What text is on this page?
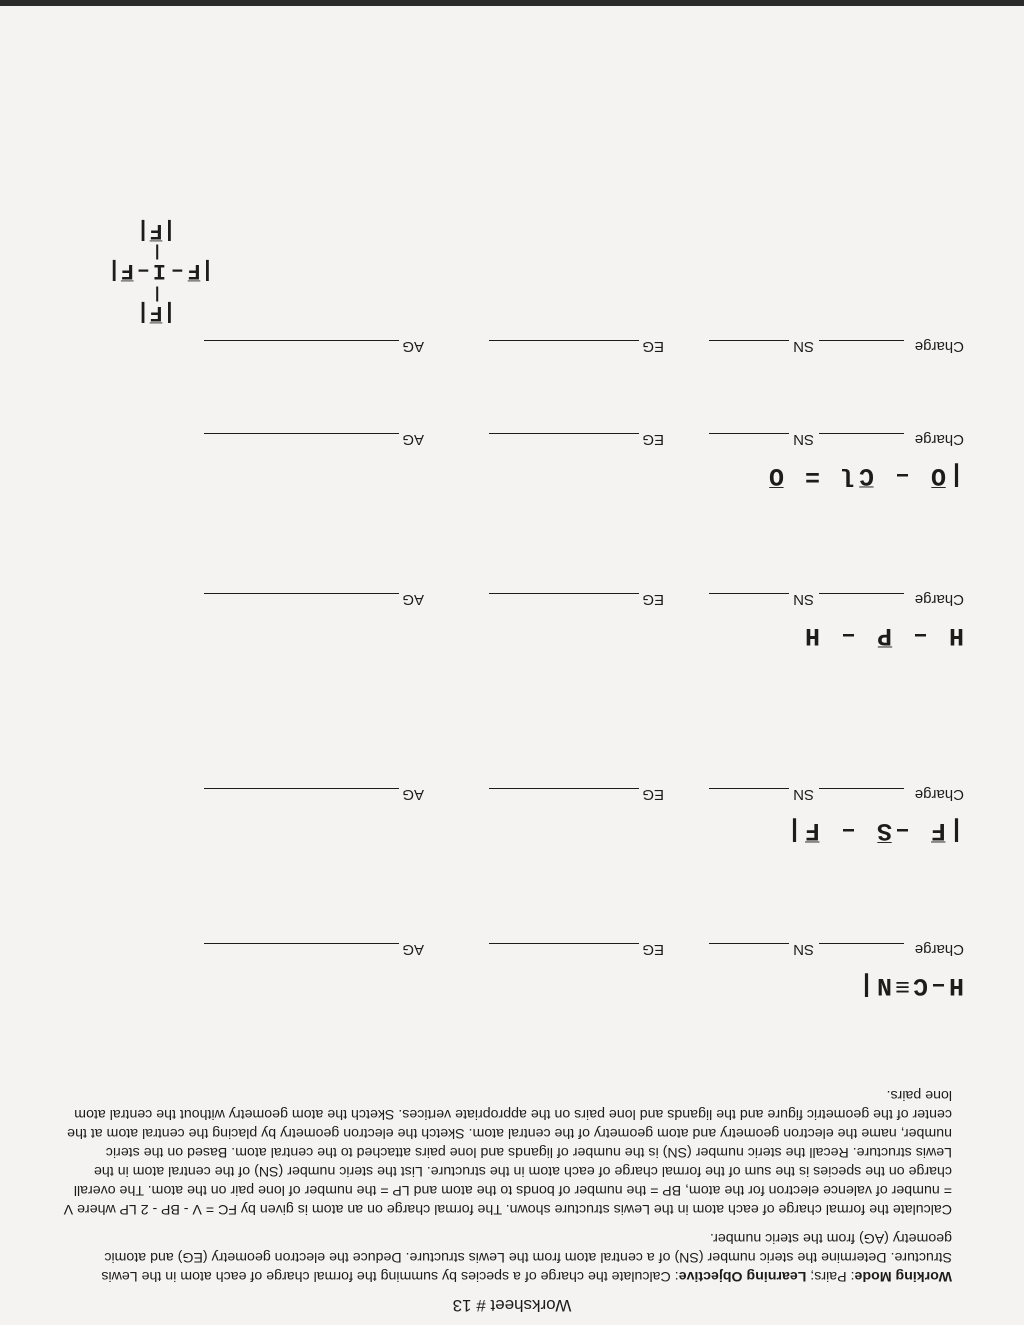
Worksheet # 13
Working Mode: Pairs; Learning Objective: Calculate the charge of a species by summing the formal charge of each atom in the Lewis Structure. Determine the steric number (SN) of a central atom from the Lewis structure. Deduce the electron geometry (EG) and atomic geometry (AG) from the steric number.
Calculate the formal charge of each atom in the Lewis structure shown. The formal charge on an atom is given by FC = V - BP - 2 LP where V = number of valence electron for the atom, BP = the number of bonds to the atom and LP = the number of lone pair on the atom. The overall charge on the species is the sum of the formal charge of each atom in the structure. List the steric number (SN) of the central atom in the Lewis structure. Recall the steric number (SN) is the number of ligands and lone pairs attached to the central atom. Based on the steric number, name the electron geometry and atom geometry of the central atom. Sketch the electron geometry by placing the central atom at the center of the geometric figure and the ligands and lone pairs on the appropriate vertices. Sketch the atom geometry without the central atom lone pairs.
H–C≡N|
Charge
SN
EG
AG
|F̅ –S̅ – F̅|
Charge
SN
EG
AG
H – P̅ – H
Charge
SN
EG
AG
|O̅ – C̅l = O̅
Charge
SN
EG
AG
Charge
SN
EG
AG
|F̅|
|
|F̅
–
I
–
F̅|
|
|F̅|
